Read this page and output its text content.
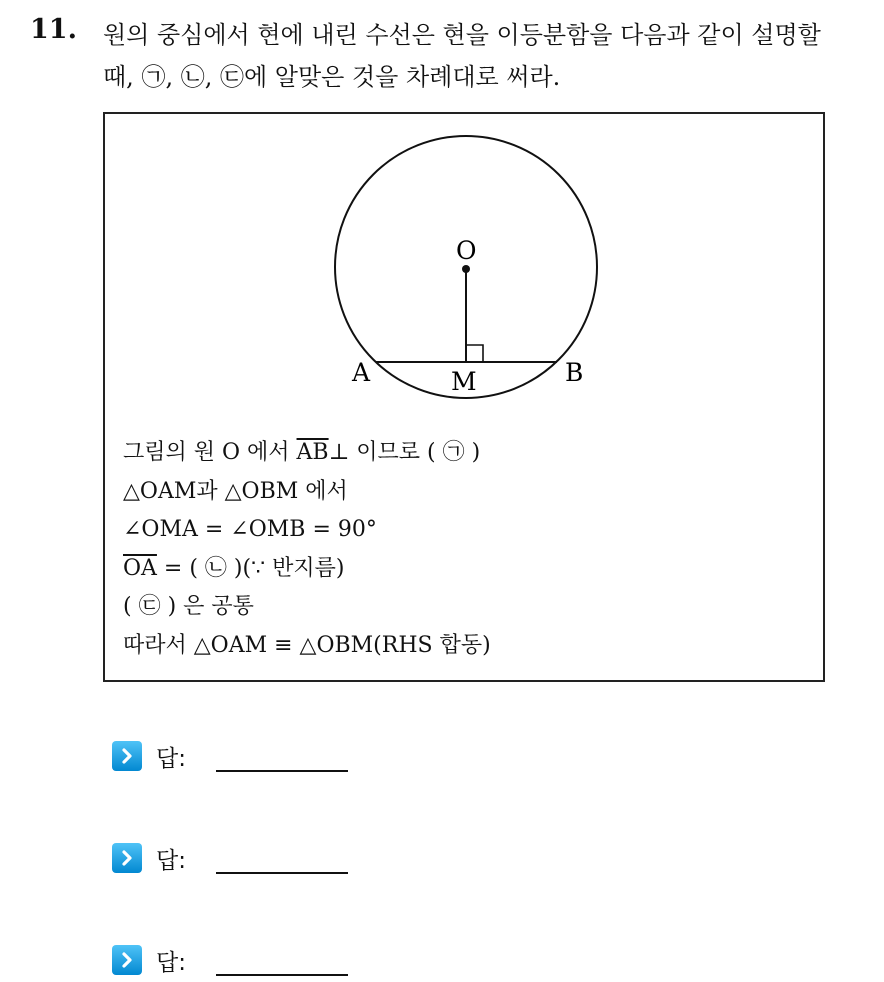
11. 원의 중심에서 현에 내린 수선은 현을 이등분함을 다음과 같이 설명할
때, ㉠, ㉡, ㉢에 알맞은 것을 차례대로 써라.
O
A	B
M
그림의 원 O 에서 $\overline{AB}\perp$ 이므로 ( ㉠ )
△OAM과 △OBM 에서
∠OMA = ∠OMB = 90°
$\overline{OA}$ = ( ㉡ )(∵ 반지름)
( ㉢ ) 은 공통
따라서 △OAM ≡ △OBM(RHS 합동)
답:
답:
답:
